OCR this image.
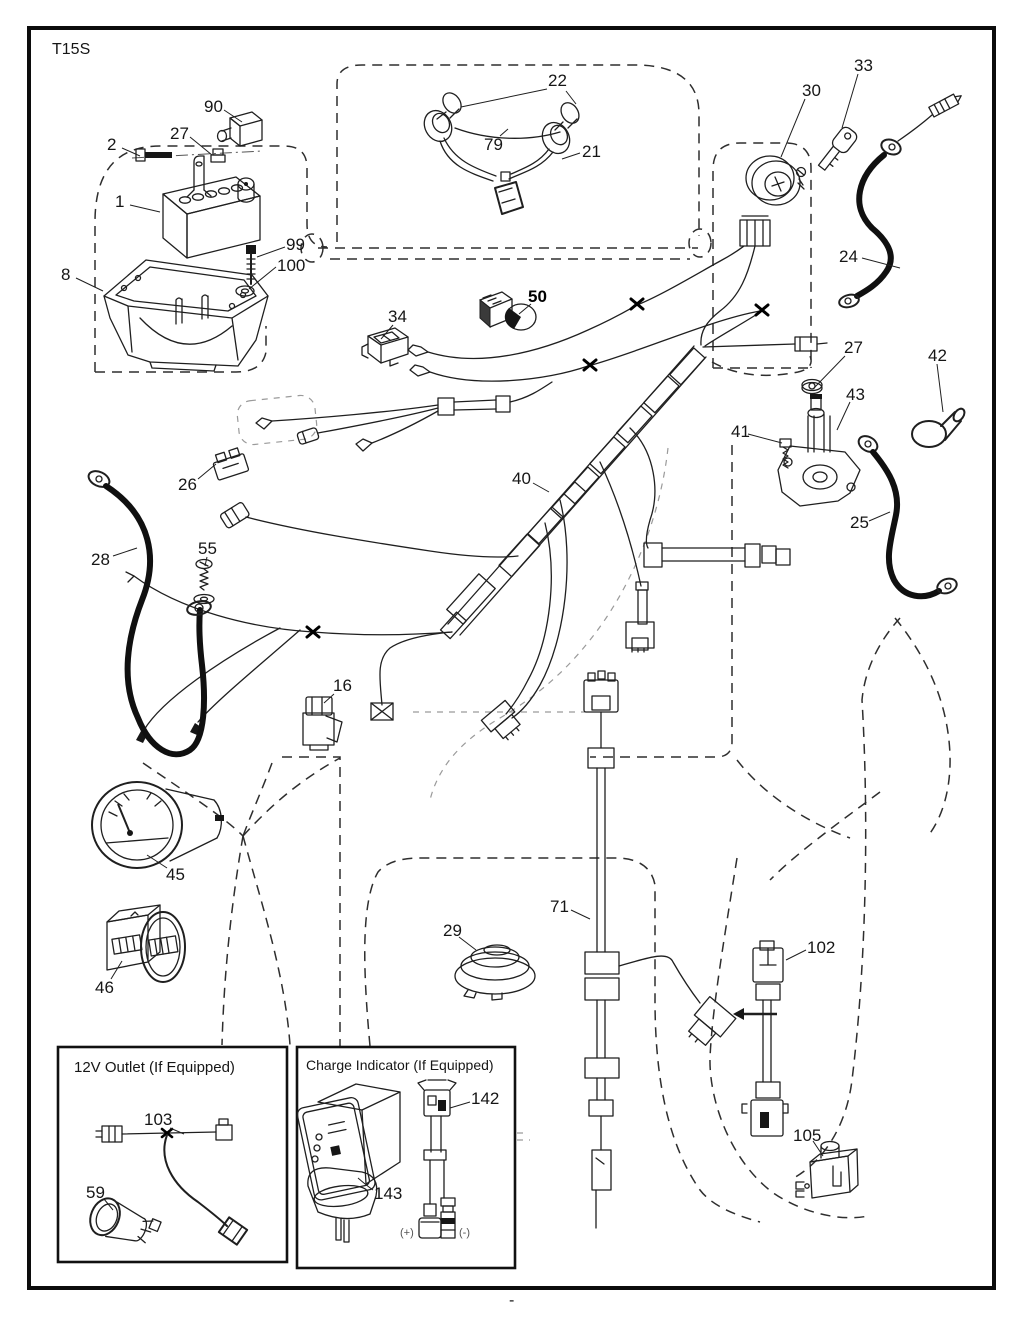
T15S
12V Outlet (If Equipped)	Charge Indicator (If Equipped)
(+)	(-)
90
27
2
1
99
100
8
22
79	21
30
33
24
34
50
27	42
43
41
25
26	40
28
55
16
45
46
29
71
102
105
103
59
142
143
-
